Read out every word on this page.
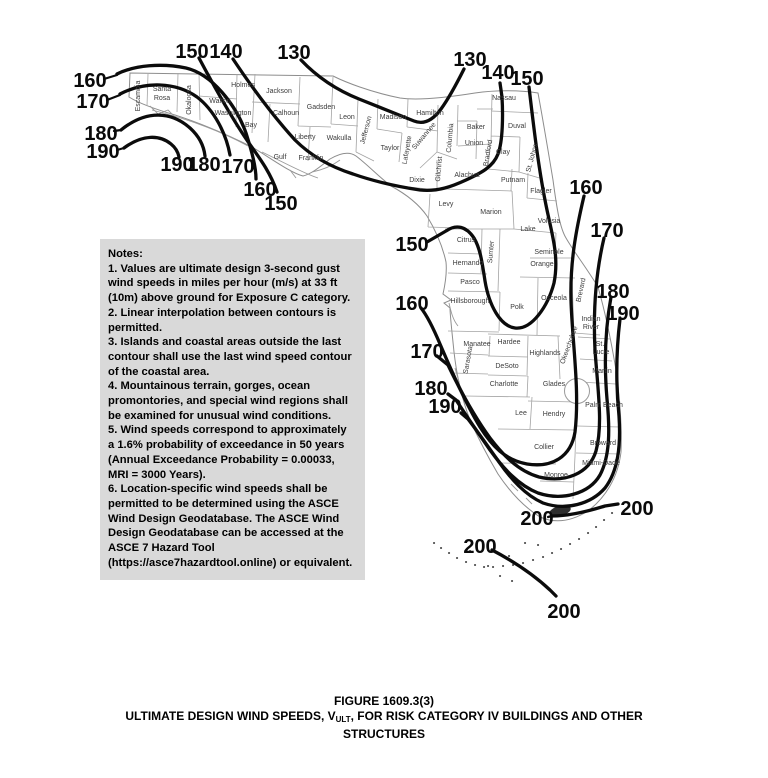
Escambia Santa
Rosa Okaloosa Walton
Holmes
Washington
Bay
Jackson
Calhoun
Gadsden
Liberty
Leon
Wakulla
Gulf Franklin
Jefferson Madison
Taylor
Hamilton
Suwannee
Lafayette	Columbia Baker
Nassau
Duval
Union Bradford Clay St. Johns
Gilchrist
Dixie
Alachua
Putnam
Flagler
Levy
Marion
Volusia
Lake
Citrus
Sumter	Seminole
Orange
Hernando
Pasco
Hillsborough
Polk
Osceola Brevard
Indian
River
Manatee Hardee
Highlands
Okeechobee St.
Lucie
Sarasota	DeSoto
Martin
Charlotte	Glades
Palm Beach
Lee Hendry
Collier
Broward
Miami-Dade
Monroe
160
170
180
190
150 140 130	130
140
150
190
180 170
160
150
150
160
170
180
190
160
170
180
190
200	200
200
200

Notes:

1. Values are ultimate design 3-second gust wind speeds in miles per hour (m/s) at 33 ft (10m) above ground for Exposure C category.

2. Linear interpolation between contours is permitted.

3. Islands and coastal areas outside the last contour shall use the last wind speed contour of the coastal area.

4. Mountainous terrain, gorges, ocean promontories, and special wind regions shall be examined for unusual wind conditions.

5. Wind speeds correspond to approximately a 1.6% probability of exceedance in 50 years (Annual Exceedance Probability = 0.00033, MRI = 3000 Years).

6. Location-specific wind speeds shall be permitted to be determined using the ASCE Wind Design Geodatabase. The ASCE Wind Design Geodatabase can be accessed at the ASCE 7 Hazard Tool (https://asce7hazardtool.online) or equivalent.

FIGURE 1609.3(3)
ULTIMATE DESIGN WIND SPEEDS, $V_{ULT}$, FOR RISK CATEGORY IV BUILDINGS AND OTHER
STRUCTURES
